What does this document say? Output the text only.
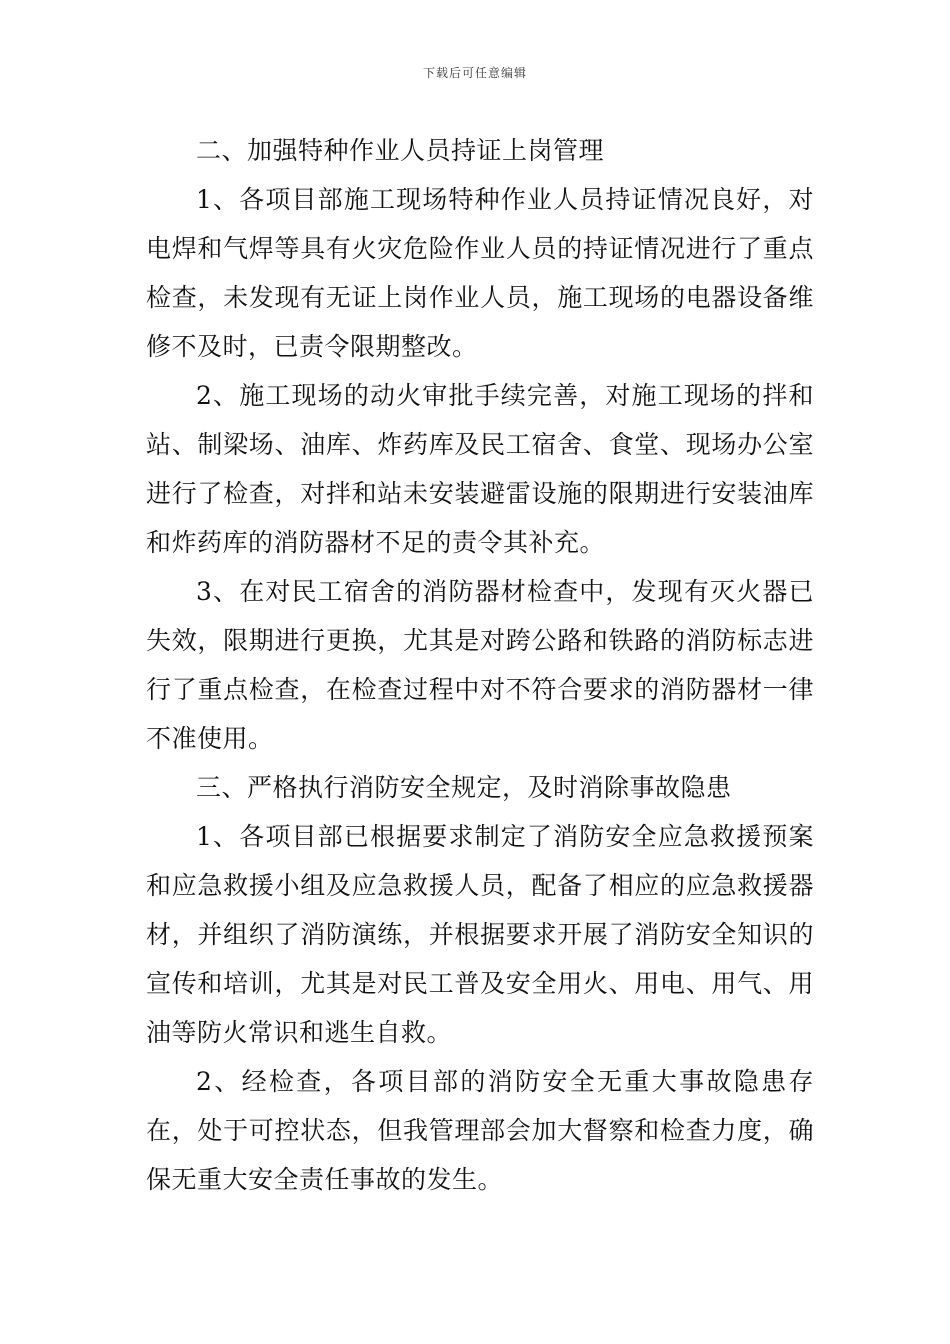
下载后可任意编辑

二、加强特种作业人员持证上岗管理

1、各项目部施工现场特种作业人员持证情况良好，对电焊和气焊等具有火灾危险作业人员的持证情况进行了重点检查，未发现有无证上岗作业人员，施工现场的电器设备维修不及时，已责令限期整改。

2、施工现场的动火审批手续完善，对施工现场的拌和站、制梁场、油库、炸药库及民工宿舍、食堂、现场办公室进行了检查，对拌和站未安装避雷设施的限期进行安装油库和炸药库的消防器材不足的责令其补充。

3、在对民工宿舍的消防器材检查中，发现有灭火器已失效，限期进行更换，尤其是对跨公路和铁路的消防标志进行了重点检查，在检查过程中对不符合要求的消防器材一律不准使用。

三、严格执行消防安全规定，及时消除事故隐患

1、各项目部已根据要求制定了消防安全应急救援预案和应急救援小组及应急救援人员，配备了相应的应急救援器材，并组织了消防演练，并根据要求开展了消防安全知识的宣传和培训，尤其是对民工普及安全用火、用电、用气、用油等防火常识和逃生自救。

2、经检查，各项目部的消防安全无重大事故隐患存在，处于可控状态，但我管理部会加大督察和检查力度，确保无重大安全责任事故的发生。
